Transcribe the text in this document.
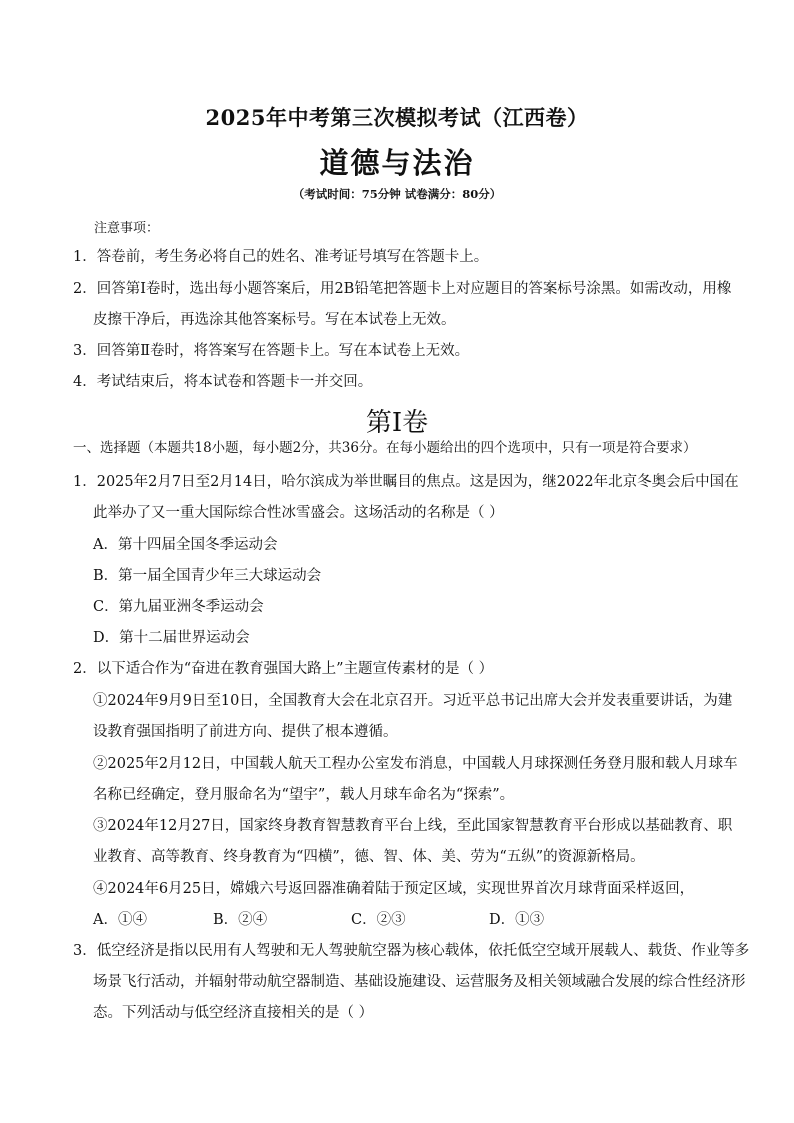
2025年中考第三次模拟考试（江西卷）
道德与法治
（考试时间：75分钟 试卷满分：80分）
注意事项：
1．答卷前，考生务必将自己的姓名、准考证号填写在答题卡上。
2．回答第Ⅰ卷时，选出每小题答案后，用2B铅笔把答题卡上对应题目的答案标号涂黑。如需改动，用橡
皮擦干净后，再选涂其他答案标号。写在本试卷上无效。
3．回答第Ⅱ卷时，将答案写在答题卡上。写在本试卷上无效。
4．考试结束后，将本试卷和答题卡一并交回。
第Ⅰ卷
一、选择题（本题共18小题，每小题2分，共36分。在每小题给出的四个选项中，只有一项是符合要求）
1．2025年2月7日至2月14日，哈尔滨成为举世瞩目的焦点。这是因为，继2022年北京冬奥会后中国在
此举办了又一重大国际综合性冰雪盛会。这场活动的名称是（ ）
A．第十四届全国冬季运动会
B．第一届全国青少年三大球运动会
C．第九届亚洲冬季运动会
D．第十二届世界运动会
2．以下适合作为“奋进在教育强国大路上”主题宣传素材的是（ ）
①2024年9月9日至10日，全国教育大会在北京召开。习近平总书记出席大会并发表重要讲话，为建
设教育强国指明了前进方向、提供了根本遵循。
②2025年2月12日，中国载人航天工程办公室发布消息，中国载人月球探测任务登月服和载人月球车
名称已经确定，登月服命名为“望宇”，载人月球车命名为“探索”。
③2024年12月27日，国家终身教育智慧教育平台上线，至此国家智慧教育平台形成以基础教育、职
业教育、高等教育、终身教育为“四横”，德、智、体、美、劳为“五纵”的资源新格局。
④2024年6月25日，嫦娥六号返回器准确着陆于预定区域，实现世界首次月球背面采样返回，
A．①④	B．②④	C．②③	D．①③
3．低空经济是指以民用有人驾驶和无人驾驶航空器为核心载体，依托低空空域开展载人、载货、作业等多
场景飞行活动，并辐射带动航空器制造、基础设施建设、运营服务及相关领域融合发展的综合性经济形
态。下列活动与低空经济直接相关的是（ ）
